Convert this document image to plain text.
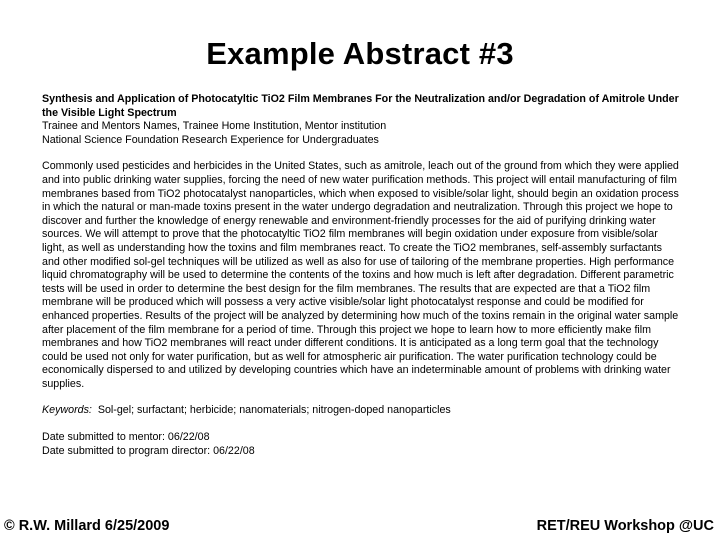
Example Abstract #3

Synthesis and Application of Photocatyltic TiO2 Film Membranes For the Neutralization and/or Degradation of Amitrole Under the Visible Light Spectrum

Trainee and Mentors Names, Trainee Home Institution, Mentor institution

National Science Foundation Research Experience for Undergraduates

Commonly used pesticides and herbicides in the United States, such as amitrole, leach out of the ground from which they were applied and into public drinking water supplies, forcing the need of new water purification methods. This project will entail manufacturing of film membranes based from TiO2 photocatalyst nanoparticles, which when exposed to visible/solar light, should begin an oxidation process in which the natural or man-made toxins present in the water undergo degradation and neutralization. Through this project we hope to discover and further the knowledge of energy renewable and environment-friendly processes for the aid of purifying drinking water sources. We will attempt to prove that the photocatyltic TiO2 film membranes will begin oxidation under exposure from visible/solar light, as well as understanding how the toxins and film membranes react. To create the TiO2 membranes, self-assembly surfactants and other modified sol-gel techniques will be utilized as well as also for use of tailoring of the membrane properties. High performance liquid chromatography will be used to determine the contents of the toxins and how much is left after degradation. Different parametric tests will be used in order to determine the best design for the film membranes. The results that are expected are that a TiO2 film membrane will be produced which will possess a very active visible/solar light photocatalyst response and could be modified for enhanced properties. Results of the project will be analyzed by determining how much of the toxins remain in the original water sample after placement of the film membrane for a period of time. Through this project we hope to learn how to more efficiently make film membranes and how TiO2 membranes will react under different conditions. It is anticipated as a long term goal that the technology could be used not only for water purification, but as well for atmospheric air purification. The water purification technology could be economically dispersed to and utilized by developing countries which have an indeterminable amount of problems with drinking water supplies.

Keywords:  Sol-gel; surfactant; herbicide; nanomaterials; nitrogen-doped nanoparticles

Date submitted to mentor: 06/22/08
Date submitted to program director: 06/22/08
© R.W. Millard 6/25/2009	RET/REU Workshop @UC
